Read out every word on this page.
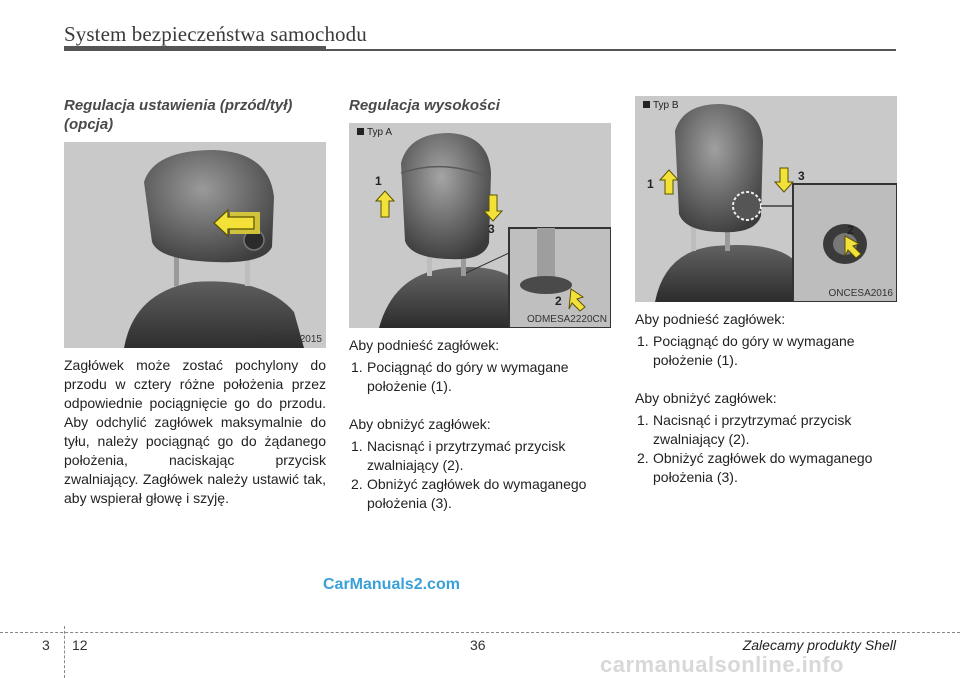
System bezpieczeństwa samochodu

Regulacja ustawienia (przód/tył) (opcja)

ONCESA2015
Zagłówek może zostać pochylony do przodu w cztery różne położenia przez odpowiednie pociągnięcie go do przodu. Aby odchylić zagłówek maksymalnie do tyłu, należy pociągnąć go do żądanego położenia, naciskając przycisk zwalniający. Zagłówek należy ustawić tak, aby wspierał głowę i szyję.

Regulacja wysokości

1
2
3
Typ A
ODMESA2220CN

Aby podnieść zagłówek:

1. Pociągnąć do góry w wymagane położenie (1).

Aby obniżyć zagłówek:

1. Nacisnąć i przytrzymać przycisk zwalniający (2).
2. Obniżyć zagłówek do wymaganego położenia (3).
1
2
3
Typ B
ONCESA2016

Aby podnieść zagłówek:

1. Pociągnąć do góry w wymagane położenie (1).

Aby obniżyć zagłówek:

1. Nacisnąć i przytrzymać przycisk zwalniający (2).
2. Obniżyć zagłówek do wymaganego położenia (3).
CarManuals2.com
3 12	36	Zalecamy produkty Shell
carmanualsonline.info
